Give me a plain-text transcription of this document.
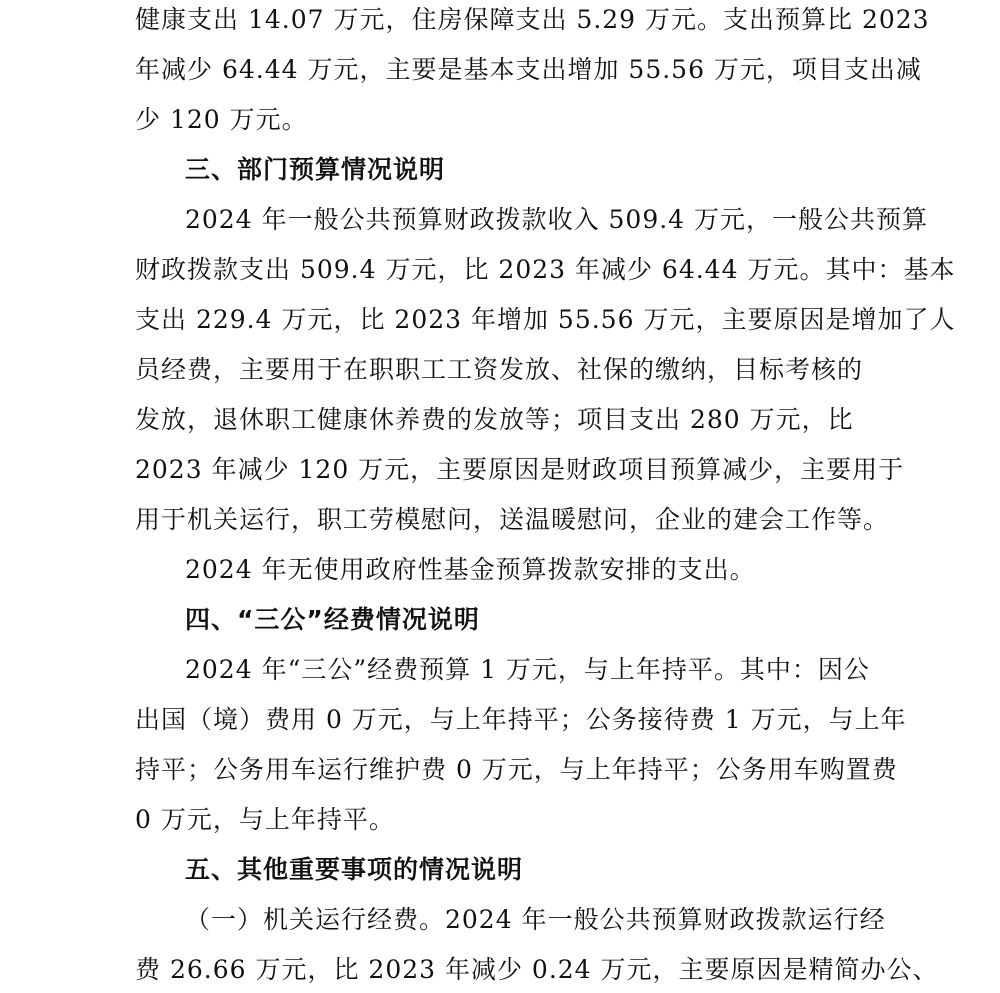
健康支出 14.07 万元，住房保障支出 5.29 万元。支出预算比 2023
年减少 64.44 万元，主要是基本支出增加 55.56 万元，项目支出减
少 120 万元。
三、部门预算情况说明
2024 年一般公共预算财政拨款收入 509.4 万元，一般公共预算
财政拨款支出 509.4 万元，比 2023 年减少 64.44 万元。其中：基本
支出 229.4 万元，比 2023 年增加 55.56 万元，主要原因是增加了人
员经费，主要用于在职职工工资发放、社保的缴纳，目标考核的
发放，退休职工健康休养费的发放等；项目支出 280 万元，比
2023 年减少 120 万元，主要原因是财政项目预算减少，主要用于
用于机关运行，职工劳模慰问，送温暖慰问，企业的建会工作等。
2024 年无使用政府性基金预算拨款安排的支出。
四、“三公”经费情况说明
2024 年“三公”经费预算 1 万元，与上年持平。其中：因公
出国（境）费用 0 万元，与上年持平；公务接待费 1 万元，与上年
持平；公务用车运行维护费 0 万元，与上年持平；公务用车购置费
0 万元，与上年持平。
五、其他重要事项的情况说明
（一）机关运行经费。2024 年一般公共预算财政拨款运行经
费 26.66 万元，比 2023 年减少 0.24 万元，主要原因是精简办公、
